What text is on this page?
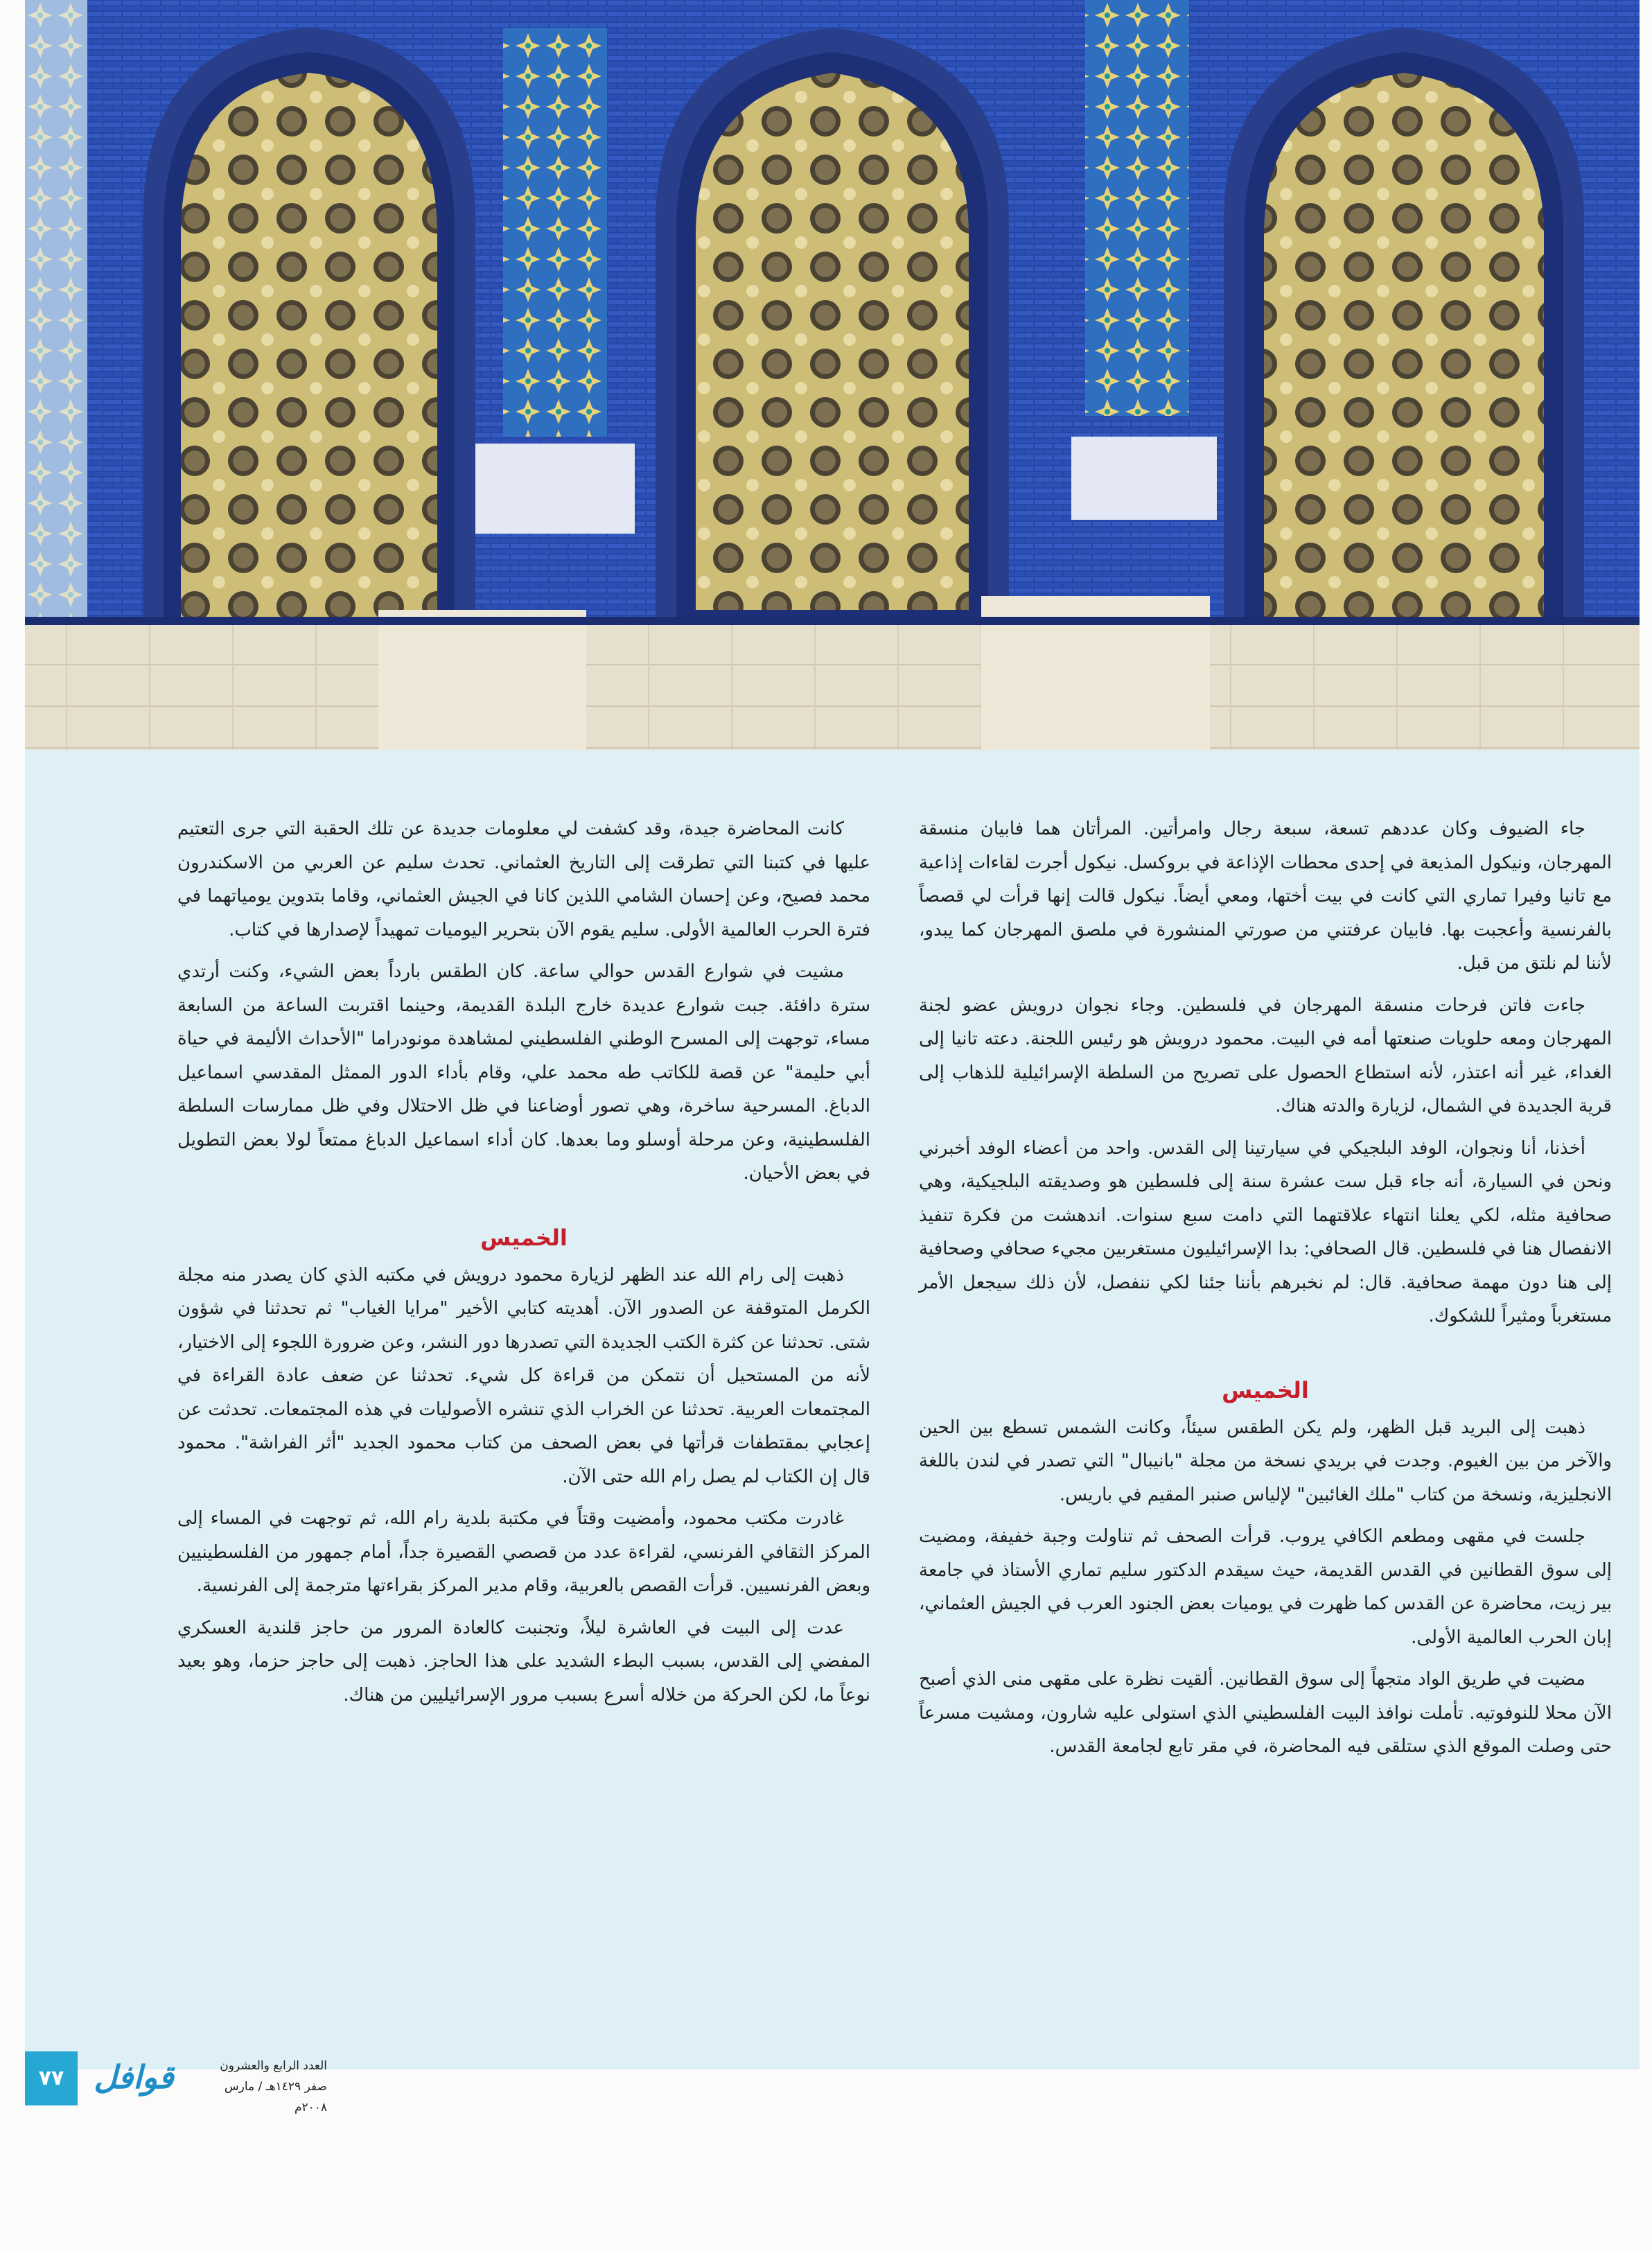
جاء الضيوف وكان عددهم تسعة، سبعة رجال وامرأتين. المرأتان هما فابيان منسقة المهرجان، ونيكول المذيعة في إحدى محطات الإذاعة في بروكسل. نيكول أجرت لقاءات إذاعية مع تانيا وفيرا تماري التي كانت في بيت أختها، ومعي أيضاً. نيكول قالت إنها قرأت لي قصصاً بالفرنسية وأعجبت بها. فابيان عرفتني من صورتي المنشورة في ملصق المهرجان كما يبدو، لأننا لم نلتق من قبل.

جاءت فاتن فرحات منسقة المهرجان في فلسطين. وجاء نجوان درويش عضو لجنة المهرجان ومعه حلويات صنعتها أمه في البيت. محمود درويش هو رئيس اللجنة. دعته تانيا إلى الغداء، غير أنه اعتذر، لأنه استطاع الحصول على تصريح من السلطة الإسرائيلية للذهاب إلى قرية الجديدة في الشمال، لزيارة والدته هناك.

أخذنا، أنا ونجوان، الوفد البلجيكي في سيارتينا إلى القدس. واحد من أعضاء الوفد أخبرني ونحن في السيارة، أنه جاء قبل ست عشرة سنة إلى فلسطين هو وصديقته البلجيكية، وهي صحافية مثله، لكي يعلنا انتهاء علاقتهما التي دامت سبع سنوات. اندهشت من فكرة تنفيذ الانفصال هنا في فلسطين. قال الصحافي: بدا الإسرائيليون مستغربين مجيء صحافي وصحافية إلى هنا دون مهمة صحافية. قال: لم نخبرهم بأننا جئنا لكي ننفصل، لأن ذلك سيجعل الأمر مستغرباً ومثيراً للشكوك.

الخميس

ذهبت إلى البريد قبل الظهر، ولم يكن الطقس سيئاً، وكانت الشمس تسطع بين الحين والآخر من بين الغيوم. وجدت في بريدي نسخة من مجلة "بانيبال" التي تصدر في لندن باللغة الانجليزية، ونسخة من كتاب "ملك الغائبين" لإلياس صنبر المقيم في باريس.

جلست في مقهى ومطعم الكافي يروب. قرأت الصحف ثم تناولت وجبة خفيفة، ومضيت إلى سوق القطانين في القدس القديمة، حيث سيقدم الدكتور سليم تماري الأستاذ في جامعة بير زيت، محاضرة عن القدس كما ظهرت في يوميات بعض الجنود العرب في الجيش العثماني، إبان الحرب العالمية الأولى.

مضيت في طريق الواد متجهاً إلى سوق القطانين. ألقيت نظرة على مقهى منى الذي أصبح الآن محلا للنوفوتيه. تأملت نوافذ البيت الفلسطيني الذي استولى عليه شارون، ومشيت مسرعاً حتى وصلت الموقع الذي ستلقى فيه المحاضرة، في مقر تابع لجامعة القدس.

كانت المحاضرة جيدة، وقد كشفت لي معلومات جديدة عن تلك الحقبة التي جرى التعتيم عليها في كتبنا التي تطرقت إلى التاريخ العثماني. تحدث سليم عن العربي من الاسكندرون محمد فصيح، وعن إحسان الشامي اللذين كانا في الجيش العثماني، وقاما بتدوين يومياتهما في فترة الحرب العالمية الأولى. سليم يقوم الآن بتحرير اليوميات تمهيداً لإصدارها في كتاب.

مشيت في شوارع القدس حوالي ساعة. كان الطقس بارداً بعض الشيء، وكنت أرتدي سترة دافئة. جبت شوارع عديدة خارج البلدة القديمة، وحينما اقتربت الساعة من السابعة مساء، توجهت إلى المسرح الوطني الفلسطيني لمشاهدة مونودراما "الأحداث الأليمة في حياة أبي حليمة" عن قصة للكاتب طه محمد علي، وقام بأداء الدور الممثل المقدسي اسماعيل الدباغ. المسرحية ساخرة، وهي تصور أوضاعنا في ظل الاحتلال وفي ظل ممارسات السلطة الفلسطينية، وعن مرحلة أوسلو وما بعدها. كان أداء اسماعيل الدباغ ممتعاً لولا بعض التطويل في بعض الأحيان.

الخميس

ذهبت إلى رام الله عند الظهر لزيارة محمود درويش في مكتبه الذي كان يصدر منه مجلة الكرمل المتوقفة عن الصدور الآن. أهديته كتابي الأخير "مرايا الغياب" ثم تحدثنا في شؤون شتى. تحدثنا عن كثرة الكتب الجديدة التي تصدرها دور النشر، وعن ضرورة اللجوء إلى الاختيار، لأنه من المستحيل أن نتمكن من قراءة كل شيء. تحدثنا عن ضعف عادة القراءة في المجتمعات العربية. تحدثنا عن الخراب الذي تنشره الأصوليات في هذه المجتمعات. تحدثت عن إعجابي بمقتطفات قرأتها في بعض الصحف من كتاب محمود الجديد "أثر الفراشة". محمود قال إن الكتاب لم يصل رام الله حتى الآن.

غادرت مكتب محمود، وأمضيت وقتاً في مكتبة بلدية رام الله، ثم توجهت في المساء إلى المركز الثقافي الفرنسي، لقراءة عدد من قصصي القصيرة جداً، أمام جمهور من الفلسطينيين وبعض الفرنسيين. قرأت القصص بالعربية، وقام مدير المركز بقراءتها مترجمة إلى الفرنسية.

عدت إلى البيت في العاشرة ليلاً، وتجنبت كالعادة المرور من حاجز قلندية العسكري المفضي إلى القدس، بسبب البطء الشديد على هذا الحاجز. ذهبت إلى حاجز حزما، وهو بعيد نوعاً ما، لكن الحركة من خلاله أسرع بسبب مرور الإسرائيليين من هناك.

٧٧ قوافل	العدد الرابع والعشرون
صفر ١٤٢٩هـ / مارس ٢٠٠٨م
